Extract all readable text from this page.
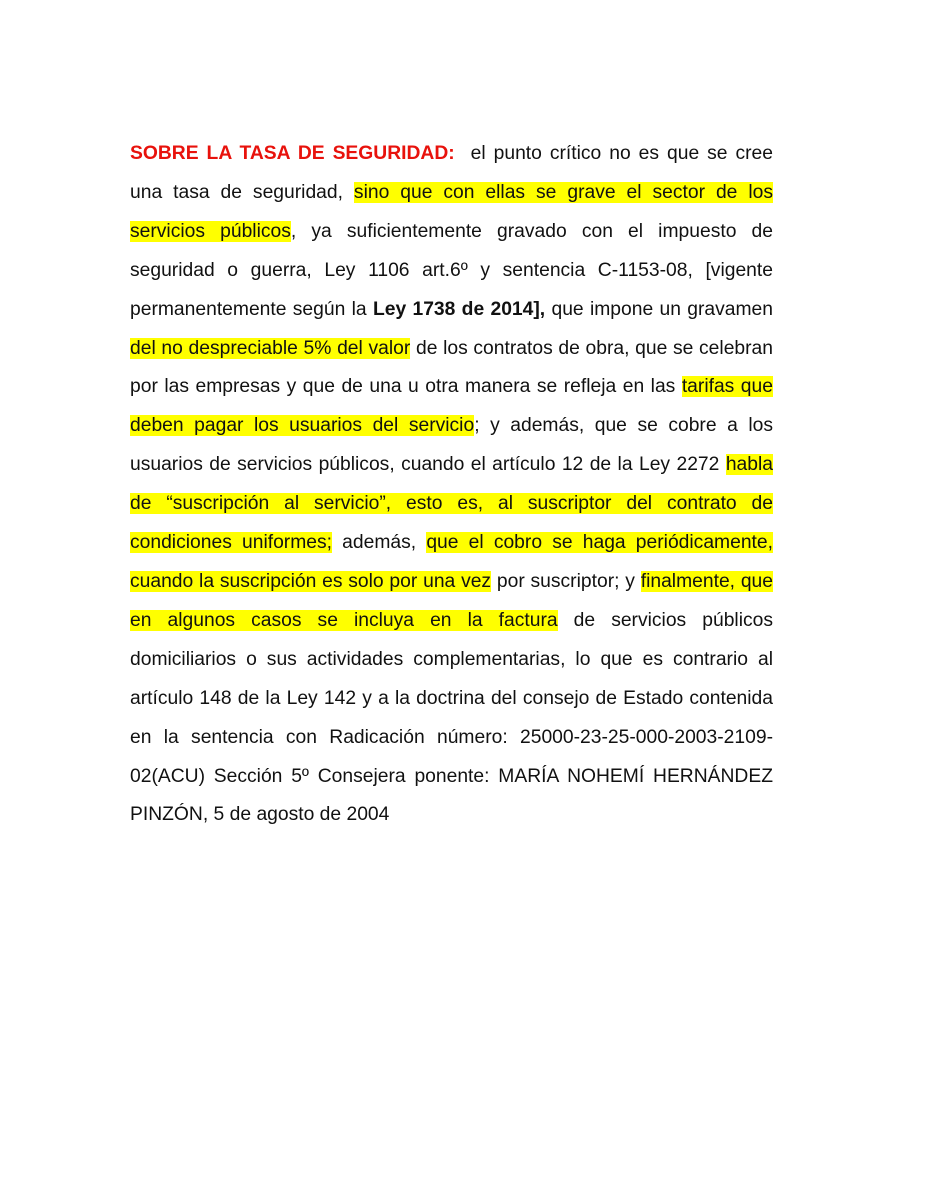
SOBRE LA TASA DE SEGURIDAD: el punto crítico no es que se cree una tasa de seguridad, sino que con ellas se grave el sector de los servicios públicos, ya suficientemente gravado con el impuesto de seguridad o guerra, Ley 1106 art.6º y sentencia C-1153-08, [vigente permanentemente según la Ley 1738 de 2014], que impone un gravamen del no despreciable 5% del valor de los contratos de obra, que se celebran por las empresas y que de una u otra manera se refleja en las tarifas que deben pagar los usuarios del servicio; y además, que se cobre a los usuarios de servicios públicos, cuando el artículo 12 de la Ley 2272 habla de “suscripción al servicio”, esto es, al suscriptor del contrato de condiciones uniformes; además, que el cobro se haga periódicamente, cuando la suscripción es solo por una vez por suscriptor; y finalmente, que en algunos casos se incluya en la factura de servicios públicos domiciliarios o sus actividades complementarias, lo que es contrario al artículo 148 de la Ley 142 y a la doctrina del consejo de Estado contenida en la sentencia con Radicación número: 25000-23-25-000-2003-2109-02(ACU) Sección 5º Consejera ponente: MARÍA NOHEMÍ HERNÁNDEZ PINZÓN, 5 de agosto de 2004
